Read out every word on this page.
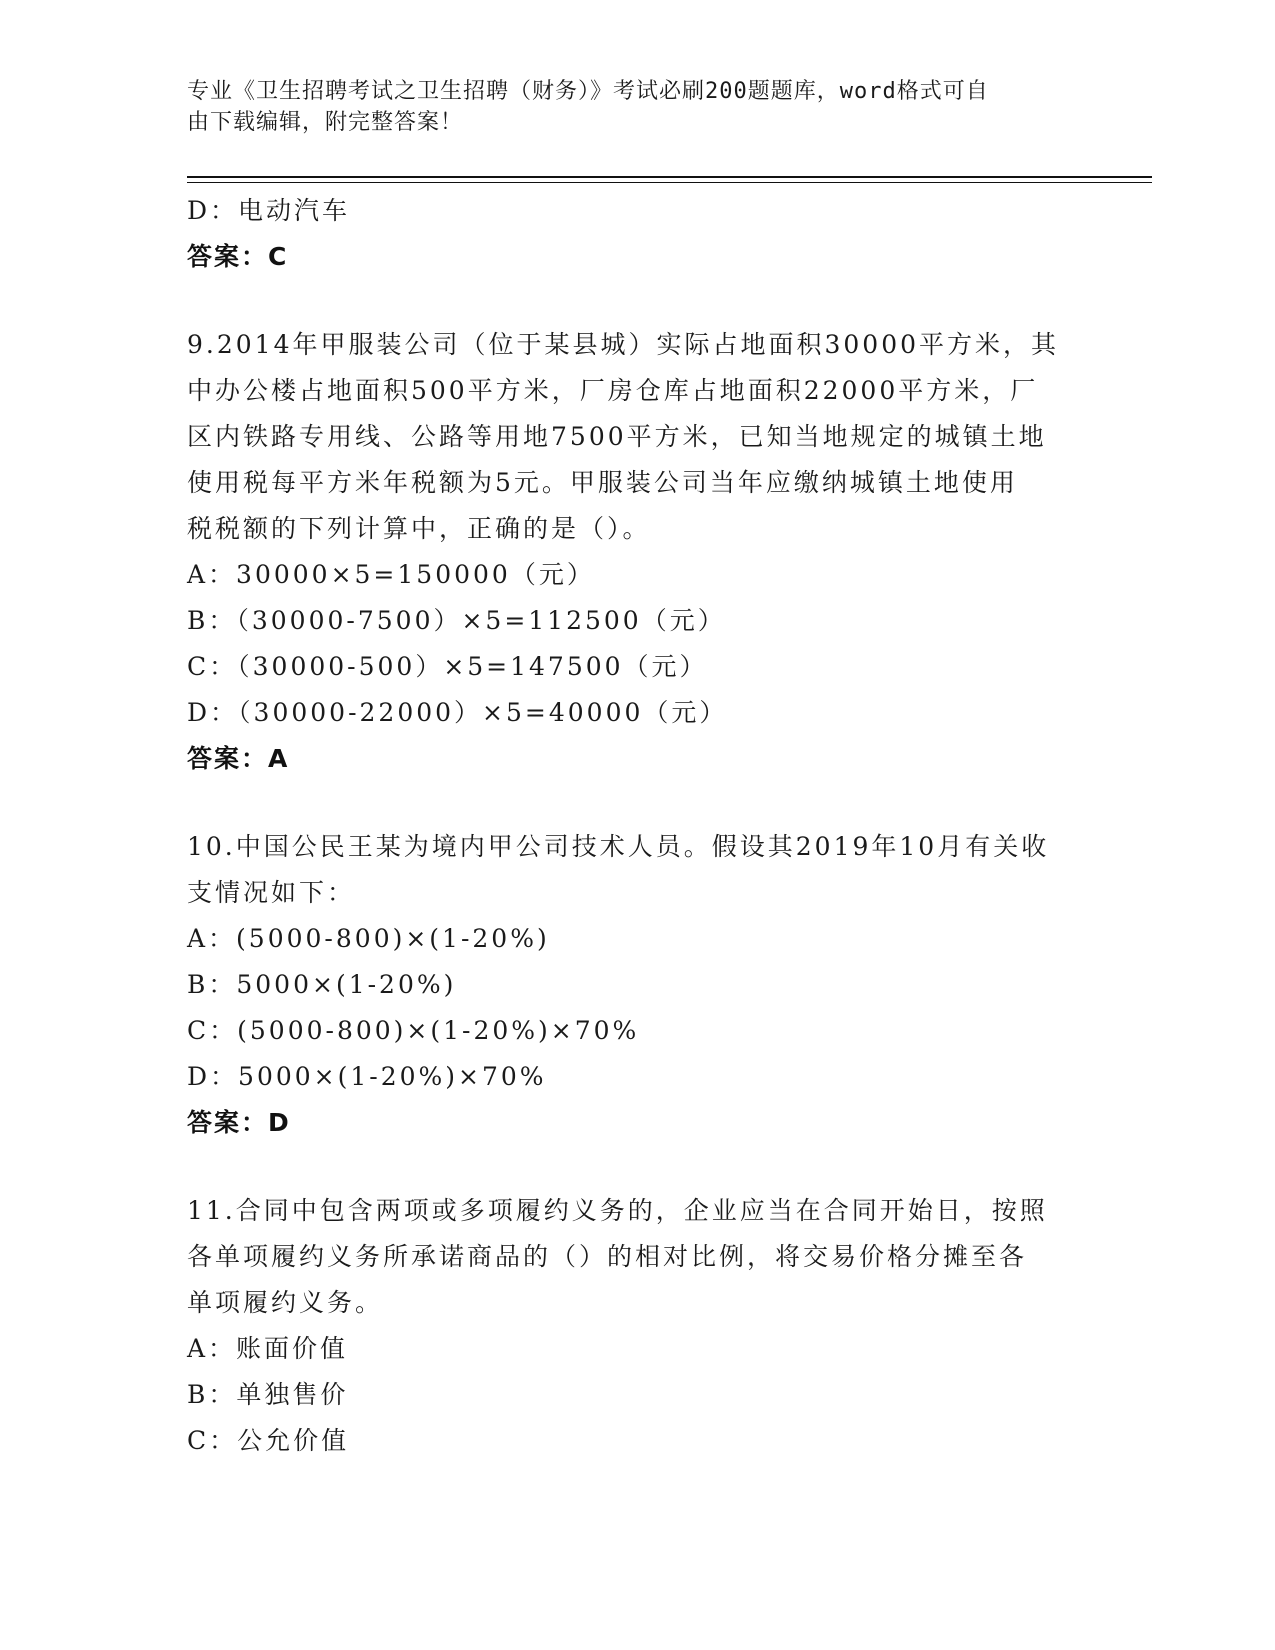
专业《卫生招聘考试之卫生招聘（财务）》考试必刷200题题库，word格式可自
由下载编辑，附完整答案！
D：电动汽车
答案：C
9.2014年甲服装公司（位于某县城）实际占地面积30000平方米，其
中办公楼占地面积500平方米，厂房仓库占地面积22000平方米，厂
区内铁路专用线、公路等用地7500平方米，已知当地规定的城镇土地
使用税每平方米年税额为5元。甲服装公司当年应缴纳城镇土地使用
税税额的下列计算中，正确的是（）。
A：30000×5=150000（元）
B：（30000-7500）×5=112500（元）
C：（30000-500）×5=147500（元）
D：（30000-22000）×5=40000（元）
答案：A
10.中国公民王某为境内甲公司技术人员。假设其2019年10月有关收
支情况如下：
A：(5000-800)×(1-20%)
B：5000×(1-20%)
C：(5000-800)×(1-20%)×70%
D：5000×(1-20%)×70%
答案：D
11.合同中包含两项或多项履约义务的，企业应当在合同开始日，按照
各单项履约义务所承诺商品的（）的相对比例，将交易价格分摊至各
单项履约义务。
A：账面价值
B：单独售价
C：公允价值
